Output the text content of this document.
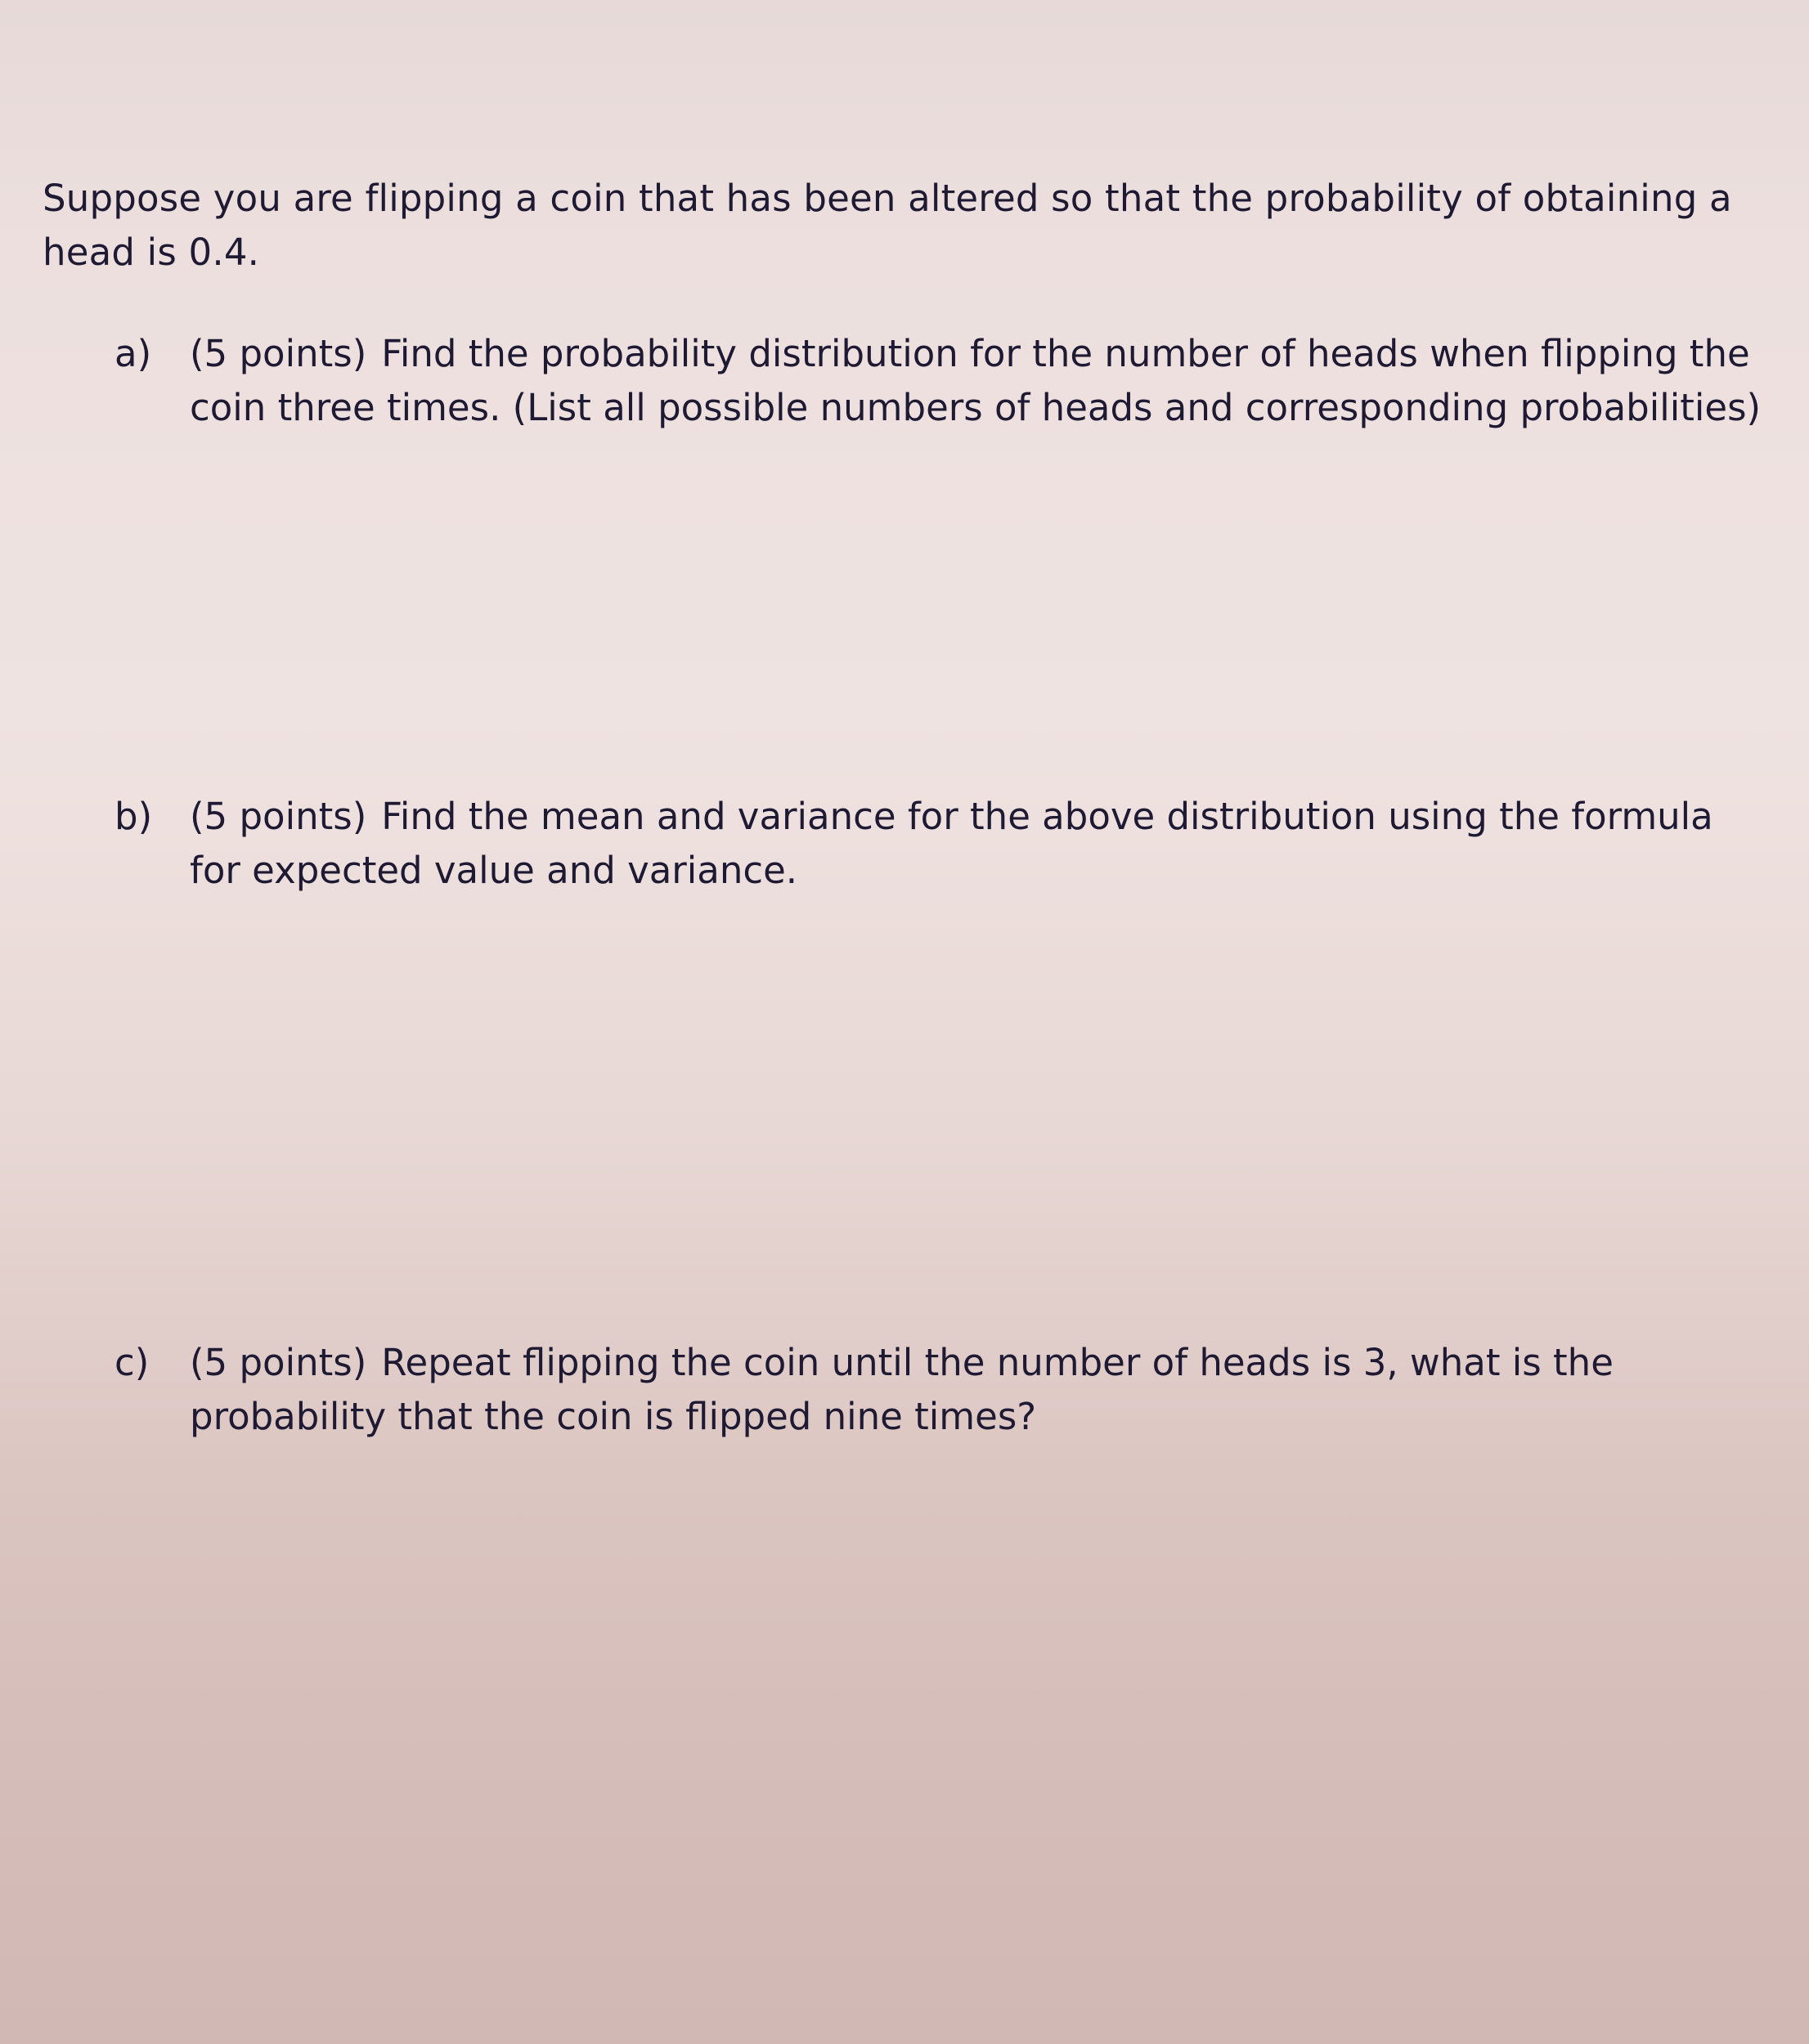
Suppose you are flipping a coin that has been altered so that the probability of obtaining a head is 0.4.

a)	(5 points) Find the probability distribution for the number of heads when flipping the coin three times. (List all possible numbers of heads and corresponding probabilities)
b)	(5 points) Find the mean and variance for the above distribution using the formula for expected value and variance.
c)	(5 points) Repeat flipping the coin until the number of heads is 3, what is the probability that the coin is flipped nine times?
